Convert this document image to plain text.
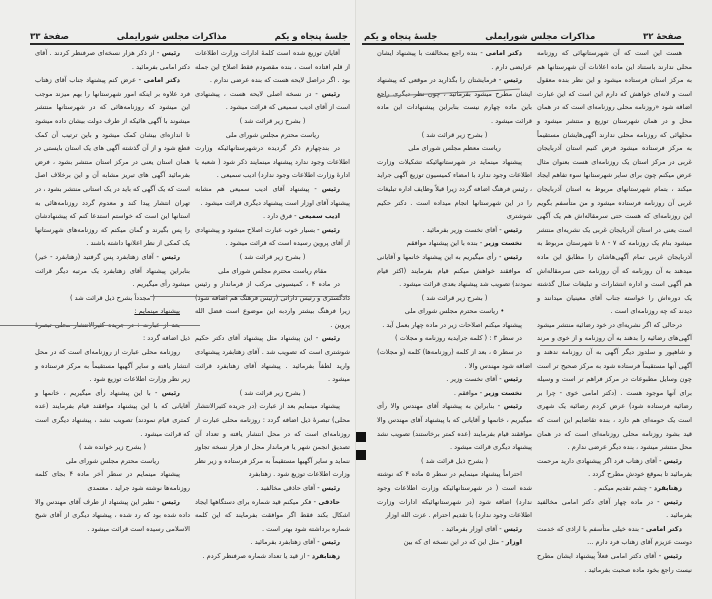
جلسهٔ پنجاه و یکم
مذاکرات مجلس شورایملی
صفحهٔ ۳۳

آقایان توزیع شده است کلمهٔ ادارات وزارت اطلاعات از قلم افتاده است ، بنده مقصودم فقط اصلاح این جمله بود . اگر دراصل لایحه هست که بنده عرضی ندارم .

رئیس - در نسخه اصلی لایحه هست ، پیشنهادی است از آقای ادیب سمیعی که قرائت میشود .

( بشرح زیر قرائت شد )

ریاست محترم مجلس شورای ملی

در بندچهارم ذکر گردیده درشهرستانهائیکه وزارت اطلاعات وجود ندارد پیشنهاد مینمایند ذکر شود ( شعبه یا ادارهٔ وزارت اطلاعات وجود ندارد) ادیب سمیعی .

رئیس - پیشنهاد آقای ادیب سمیعی هم مشابه پیشنهاد آقای اوزار است پیشنهاد دیگری قرائت میشود .

ادیب سمیعی - فرق دارد .

رئیس - بسیار خوب عبارت اصلاح میشود و پیشنهادی از آقای پروین رسیده است که قرائت میشود .

( بشرح زیر قرائت شد )

مقام ریاست محترم مجلس شورای ملی

در ماده ۴ ، کمیسیونی مرکب از فرماندار و رئیس دادگستری و رئیس دارائی (رئیس فرهنگ هم اضافه شود) زیرا فرهنگ بیشتر واردبه این موضوع است فضل الله پروین .

رئیس - این پیشنهاد مثل پیشنهاد آقای دکتر حکیم شوشتری است که تصویب شد . آقای زهتابفرد پیشنهادی وارید لطفاً بفرمائید . پیشنهاد آقای زهتابفرد قرائت میشود .

( بشرح زیر قرائت شد )

پیشنهاد مینمایم بعد از عبارت (در جریده کثیرالانتشار محلی) تبصرهٔ ذیل اضافه گردد : روزنامه محلی عبارت از روزنامه‌ای است که در محل انتشار یافته و تعداد آن تصدیق انجمن شهر یا فرماندار محل از هزار نسخه تجاوز ننماید و سایر آگهیها مستقیماً به مرکز فرستاده و زیر نظر وزارت اطلاعات توزیع شود . زهتابفرد

رئیس - آقای حاذقی مخالفید .

حاذقی - فکر میکنم قید شماره برای دستگاهها ایجاد اشکال بکند فقط اگر موافقت بفرمایند که این کلمه شماره برداشته شود بهتر است .

رئیس - آقای زهتابفرد بفرمائید .

زهتابفرد - از قید یا تعداد شماره صرفنظر کردم .

رئیس - از ذکر هزار نسخه‌ای صرفنظر کردند . آقای دکتر امامی بفرمائید .

دکتر امامی - عرض کنم پیشنهاد جناب آقای زهتاب فرد علاوه بر اینکه امور شهرستانها را بهم میزند موجب این میشود که روزنامه‌هائی که در شهرستانها منتشر میشوند با آگهی هائیکه از طرف دولت بیشان داده میشود تا اندازه‌ای بیشان کمک میشود و باین ترتیب آن کمک قطع شود و از آن گذشته آگهی های یک استان بایستی در همان استان یعنی در مرکز استان منتشر بشود ، فرض بفرمائید آگهی های تبریز مشابه آن و این برخلاف اصل است که یک آگهی که باید در یک استانی منتشر بشود ، در تهران انتشار پیدا کند و معدوم گردد روزنامه‌هائی به استانها این است که خواستم استدعا کنم که پیشنهادشان را پس بگیرند و گمان میکنم که روزنامه‌های شهرستانها یک کمکی از نظر اعلانها داشته باشند .

رئیس - آقای زهتابفرد پس گرفتید (زهتابفرد - خیر) بنابراین پیشنهاد آقای زهتابفرد یک مرتبه دیگر قرائت میشود رأی میگیریم .

( مجدداً بشرح ذیل قرائت شد )

پیشنهاد مینمایم :

بعد از عبارت : در جریده کثیرالانتشار محلی تبصرهٔ ذیل اضافه گردد :

روزنامه محلی عبارت از روزنامه‌ای است که در محل انتشار یافته و سایر آگهیها مستقیماً به مرکز فرستاده و زیر نظر وزارت اطلاعات توزیع شود .

رئیس - با این پیشنهاد رأی میگیریم ، خانمها و آقایانی که با این پیشنهاد موافقند قیام بفرمایند (عده کمتری قیام نمودند) تصویب نشد ، پیشنهاد دیگری است که قرائت میشود .

( بشرح زیر خوانده شد )

ریاست محترم مجلس شورای ملی

پیشنهاد مینمایم در سطر آخر ماده ۴ بجای کلمه روزنامه‌ها نوشته شود جراید . معتمدی

رئیس - نظیر این پیشنهاد از طرف آقای مهندس والا داده شده بود که رد شده ، پیشنهاد دیگری از آقای شیخ الاسلامی رسیده است قرائت میشود .

صفحهٔ ۳۲
مذاکرات مجلس شورایملی
جلسهٔ پنجاه و یکم

هست این است که آن شهرستانهائی که روزنامه محلی ندارند باستناد این ماده اعلانات آن شهرستانها هم به مرکز استان فرستاده میشود و این نظر بنده معقول است و لانه‌ای خواهش که دارم این است که این عبارت اضافه شود «روزنامه محلی روزنامه‌ای است که در همان محل و در همان شهرستان توزیع و منتشر میشود و محلهائی که روزنامه محلی ندارند آگهی‌هایشان مستقیماً به مرکز فرستاده میشود فرض کنیم استان آذربایجان غربی در مرکز استان یک روزنامه‌ای هست بعنوان مثال عرض میکنم چون برای سایر شهرستانها سوء تفاهم ایجاد میکند ، بتمام شهرستانهای مربوط به استان آذربایجان غربی آن روزنامه فرستاده میشود و من متأسفم بگویم این روزنامه‌ای که هست حتی سرمقاله‌اش هم یک آگهی است یعنی در استان آذربایجان غربی یک نشریه‌ای منتشر میشود بنام یک روزنامه که ۷ - ۸ تا شهرستان مربوط به آذربایجان غربی تمام آگهی‌هاشان را مطابق این ماده میدهند به آن روزنامه که آن روزنامه حتی سرمقاله‌اش هم آگهی است و اداره انتشارات و تبلیغات سال گذشته یک دوره‌اش را خواسته جناب آقای معینیان میدانند و دیدند که چه روزنامه‌ای است .

درحالی که اگر نشریه‌ای در خود رضائیه منتشر میشود آگهی‌های رضائیه را بدهند به آن روزنامه و از خوی و مرند و شاهپور و سلدوز دیگر آگهی به آن روزنامه ندهند و آگهی آنها مستقیماً فرستاده شود به مرکز صحیح تر است چون وسایل مطبوعات در مرکز فراهم تر است و وسیله برای آنها موجود هست . (دکتر امامی خوی - چرا بر رضائیه فرستاده شود) عرض کردم رضائیه یک شهری است یک حومه‌ای هم دارد ، بنده تقاضایم این است که قید بشود روزنامه محلی روزنامه‌ای است که در همان محل منتشر میشود ، بنده دیگر عرضی ندارم .

رئیس - آقای زهتاب فرد اگر پیشنهادی دارید مرحمت بفرمائید تا بموقع خودش مطرح گردد .

زهتابفرد - چشم تقدیم میکنم .

رئیس - در ماده چهار آقای دکتر امامی مخالفید بفرمائید .

دکتر امامی - بنده خیلی متأسفم با اراذی که خدمت دوست عزیزم آقای زهتاب فرد دارم ...

رئیس - آقای دکتر امامی فعلاً پیشنهاد ایشان مطرح نیست راجع بخود ماده صحبت بفرمائید .

دکتر امامی - بنده راجع بمخالفت با پیشنهاد ایشان عرایضی دارم .

رئیس - فرمایشتان را بگذارید در موقعی که پیشنهاد ایشان مطرح میشود بفرمائید ، چون نظر دیگری راجع باین ماده چهارم نیست بنابراین پیشنهادات این ماده قرائت میشود .

( بشرح زیر قرائت شد )

ریاست معظم مجلس شورای ملی

پیشنهاد مینماید در شهرستانهائیکه تشکیلات وزارت اطلاعات وجود ندارد با امضاء کمیسیون توزیع آگهی جراید ، رئیس فرهنگ اضافه گردد زیرا قبلاً وظایف اداره تبلیغات را در این شهرستانها انجام میداده است . دکتر حکیم شوشتری

رئیس - آقای نخست وزیر بفرمائید .

نخست وزیر - بنده با این پیشنهاد موافقم

رئیس - رأی میگیریم به این پیشنهاد خانمها و آقایانی که موافقند خواهش میکنم قیام بفرمایند (اکثر قیام نمودند) تصویب شد پیشنهاد بعدی قرائت میشود .

( بشرح زیر قرائت شد )

• ریاست محترم مجلس شورای ملی

پیشنهاد میکنم اصلاحات زیر در ماده چهار بعمل آید .

در سطر ۳ : ( کلمه جرایدبه روزنامه و مجلات )

در سطر ۵ ، بعد از کلمه (روزنامه‌ها) کلمه (و مجلات) اضافه شود مهندس والا .

رئیس - آقای نخست وزیر .

نخست وزیر - موافقم .

رئیس - بنابراین به پیشنهاد آقای مهندس والا رأی میگیریم ، خانمها و آقایانی که با پیشنهاد آقای مهندس والا موافقند قیام بفرمایند (عده کمتر برخاستند) تصویب نشد پیشنهاد دیگری قرائت میشود .

( بشرح ذیل قرائت شد )

احتراماً پیشنهاد مینمایم در سطر ۵ ماده ۴ که نوشته شده است ( در شهرستانهائیکه وزارت اطلاعات وجود ندارد) اضافه شود (در شهرستانهائیکه ادارات وزارت اطلاعات وجود ندارد) با تقدیم احترام . عزت الله اوزار

رئیس - آقای اوزار بفرمائید .

اوزار - مثل این که در این نسخه ای که بین
